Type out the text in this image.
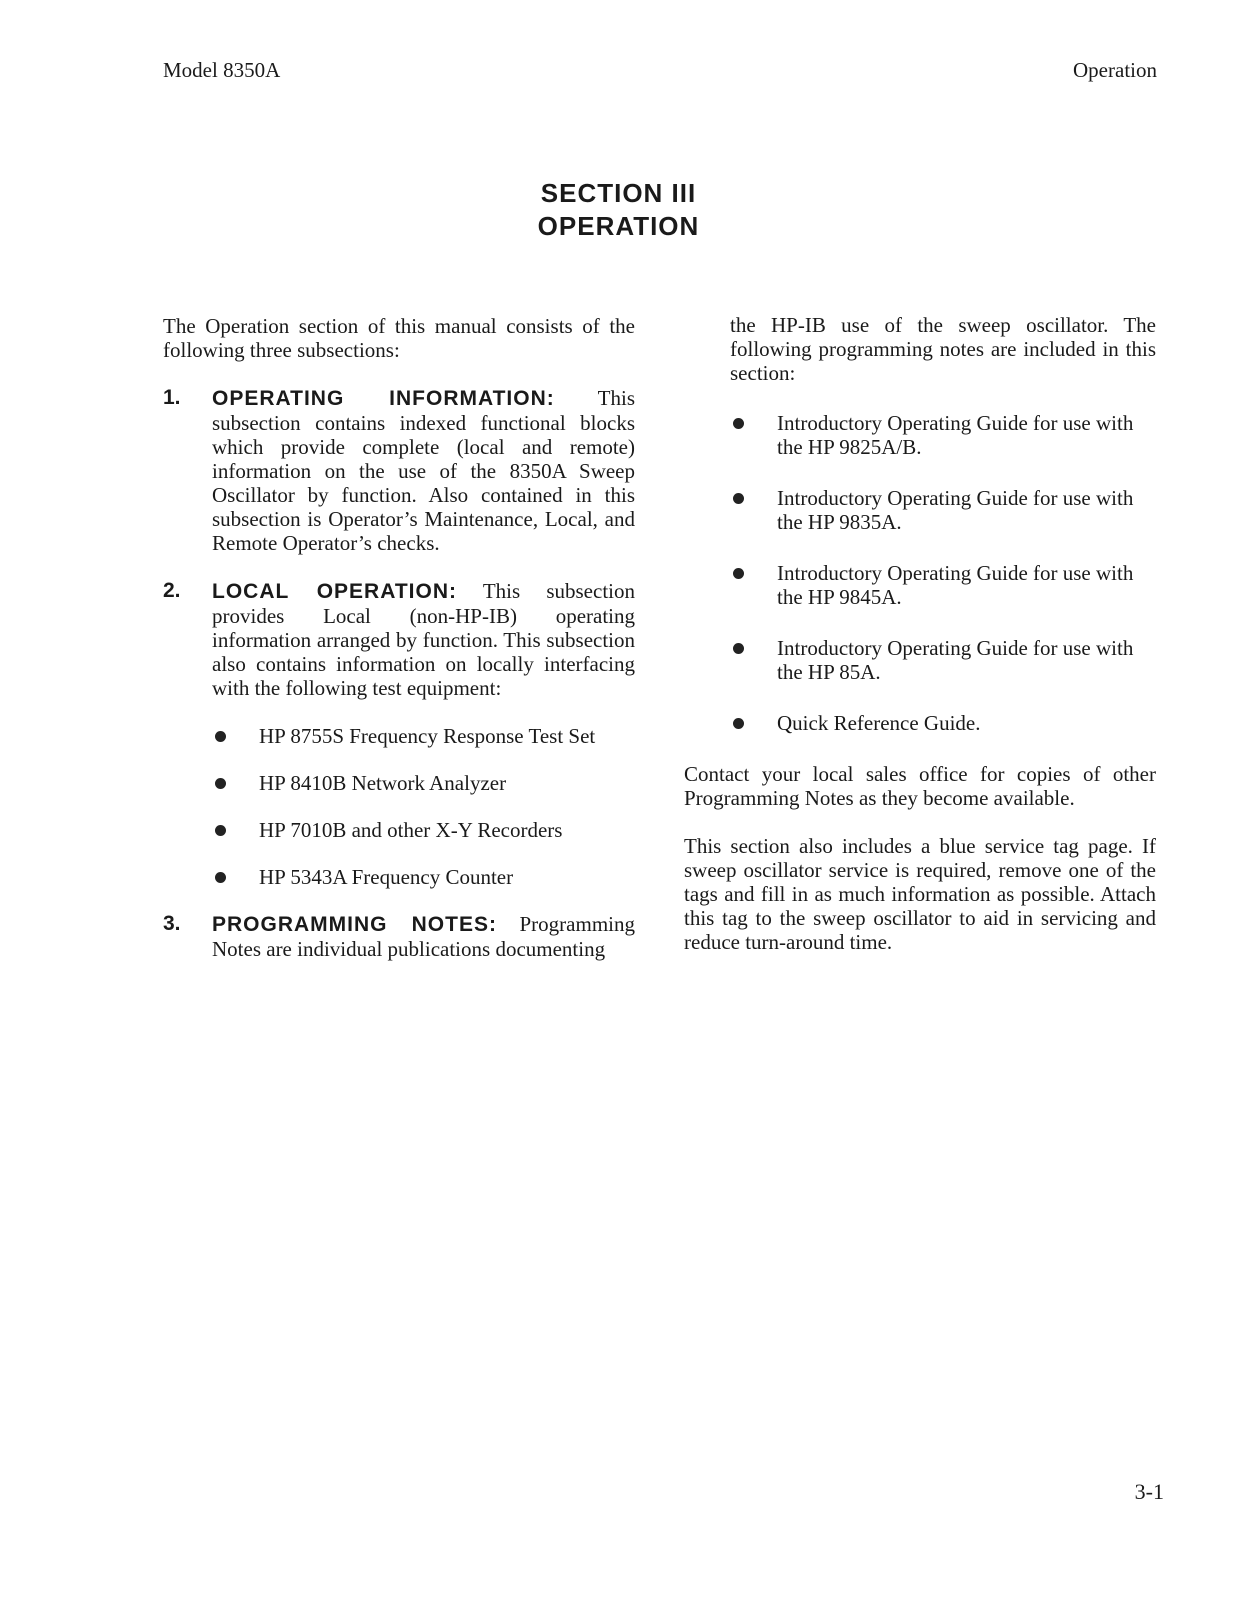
Model 8350A	Operation
SECTION III
OPERATION

The Operation section of this manual consists of the following three subsections:

1. OPERATING INFORMATION: This subsection contains indexed functional blocks which provide complete (local and remote) information on the use of the 8350A Sweep Oscillator by function. Also contained in this subsection is Operator’s Maintenance, Local, and Remote Operator’s checks.
2. LOCAL OPERATION: This subsection provides Local (non-HP-IB) operating information arranged by function. This subsection also contains information on locally interfacing with the following test equipment:
HP 8755S Frequency Response Test Set
HP 8410B Network Analyzer
HP 7010B and other X-Y Recorders
HP 5343A Frequency Counter
3. PROGRAMMING NOTES: Programming Notes are individual publications documenting

the HP-IB use of the sweep oscillator. The following programming notes are included in this section:

Introductory Operating Guide for use with the HP 9825A/B.
Introductory Operating Guide for use with the HP 9835A.
Introductory Operating Guide for use with the HP 9845A.
Introductory Operating Guide for use with the HP 85A.
Quick Reference Guide.

Contact your local sales office for copies of other Programming Notes as they become available.

This section also includes a blue service tag page. If sweep oscillator service is required, remove one of the tags and fill in as much information as possible. Attach this tag to the sweep oscillator to aid in servicing and reduce turn-around time.

3-1
